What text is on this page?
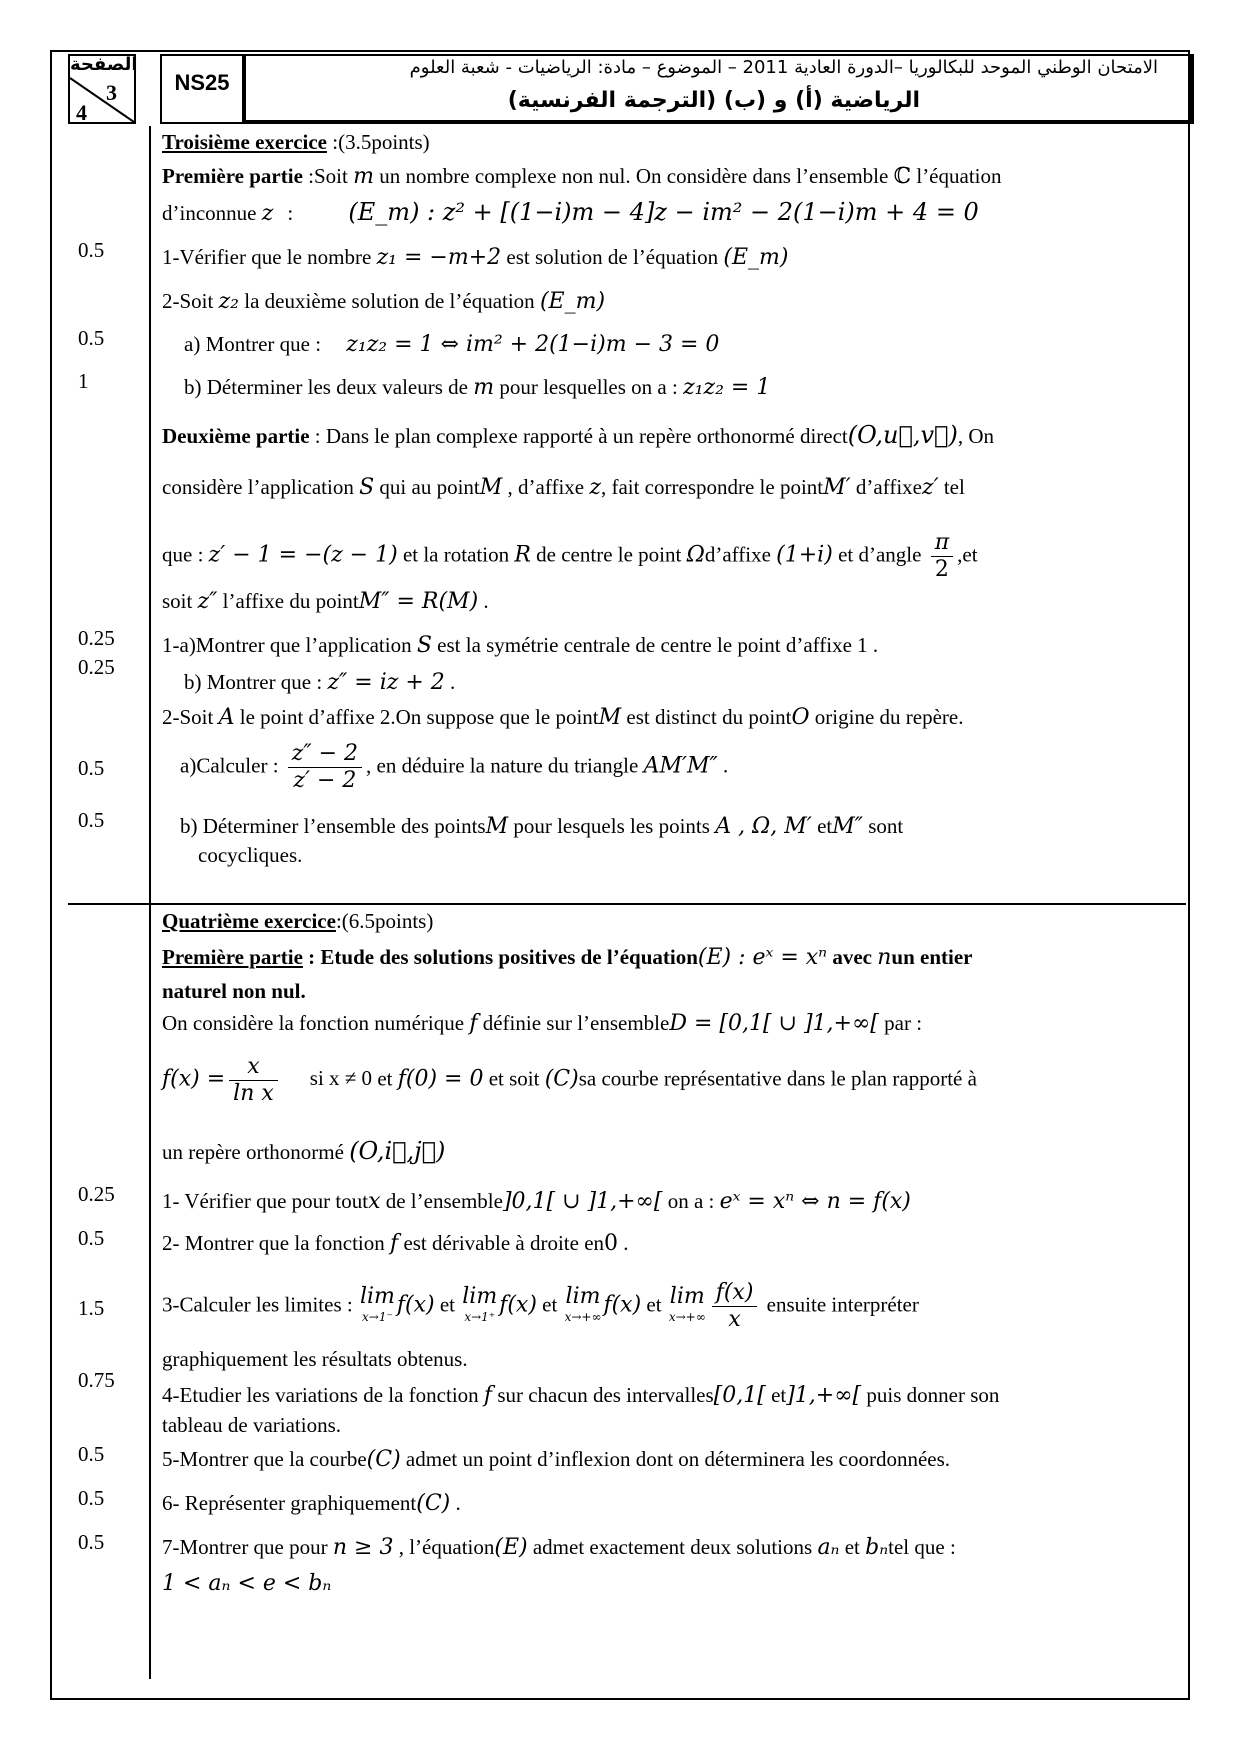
الصفحة
3
4
NS25
الامتحان الوطني الموحد للبكالوريا –الدورة العادية 2011 – الموضوع – مادة: الرياضيات - شعبة العلوم
الرياضية (أ) و (ب) (الترجمة الفرنسية)
0.5
0.5
1
0.25
0.25
0.5
0.5
0.25
0.5
1.5
0.75
0.5
0.5
0.5
Troisième exercice :(3.5points)
Première partie :Soit m un nombre complexe non nul. On considère dans l’ensemble ℂ l’équation
d’inconnue z : (E_m) : z² + [(1−i)m − 4]z − im² − 2(1−i)m + 4 = 0
1-Vérifier que le nombre z₁ = −m+2 est solution de l’équation (E_m)
2-Soit z₂ la deuxième solution de l’équation (E_m)
a) Montrer que : z₁z₂ = 1 ⇔ im² + 2(1−i)m − 3 = 0
b) Déterminer les deux valeurs de m pour lesquelles on a : z₁z₂ = 1
Deuxième partie : Dans le plan complexe rapporté à un repère orthonormé direct(O,u⃗,v⃗), On
considère l’application S qui au pointM , d’affixe z, fait correspondre le pointM′ d’affixez′ tel
que : z′ − 1 = −(z − 1) et la rotation R de centre le point Ωd’affixe (1+i) et d’angle $\frac{\pi}{2} ,et$
soit z″ l’affixe du pointM″ = R(M) .
1-a)Montrer que l’application S est la symétrie centrale de centre le point d’affixe 1 .
b) Montrer que : z″ = iz + 2 .
2-Soit A le point d’affixe 2.On suppose que le pointM est distinct du pointO origine du repère.
a)Calculer : $\frac{z'' - 2}{z' - 2}$ , en déduire la nature du triangle AM′M″ .
b) Déterminer l’ensemble des pointsM pour lesquels les points A , Ω, M′ etM″ sont
cocycliques.
Quatrième exercice:(6.5points)
Première partie : Etude des solutions positives de l’équation(E) : eˣ = xⁿ avec nun entier
naturel non nul.
On considère la fonction numérique f définie sur l’ensembleD = [0,1[ ∪ ]1,+∞[ par :
$f(x) = \frac{x}{\text{ln x}}$ si x ≠ 0 et f(0) = 0 et soit (C)sa courbe représentative dans le plan rapporté à
un repère orthonormé (O,i⃗,j⃗)
1- Vérifier que pour toutx de l’ensemble]0,1[ ∪ ]1,+∞[ on a : eˣ = xⁿ ⇔ n = f(x)
2- Montrer que la fonction f est dérivable à droite en0 .
3-Calculer les limites : lim
x→1⁻ f(x) et lim
x→1⁺ f(x) et lim
x→+∞ f(x) et lim
$x\to+\infty \frac{f(x)}{x}$ ensuite interpréter
graphiquement les résultats obtenus.
4-Etudier les variations de la fonction f sur chacun des intervalles[0,1[ et]1,+∞[ puis donner son
tableau de variations.
5-Montrer que la courbe(C) admet un point d’inflexion dont on déterminera les coordonnées.
6- Représenter graphiquement(C) .
7-Montrer que pour n ≥ 3 , l’équation(E) admet exactement deux solutions aₙ et bₙtel que :
1 < aₙ < e < bₙ
